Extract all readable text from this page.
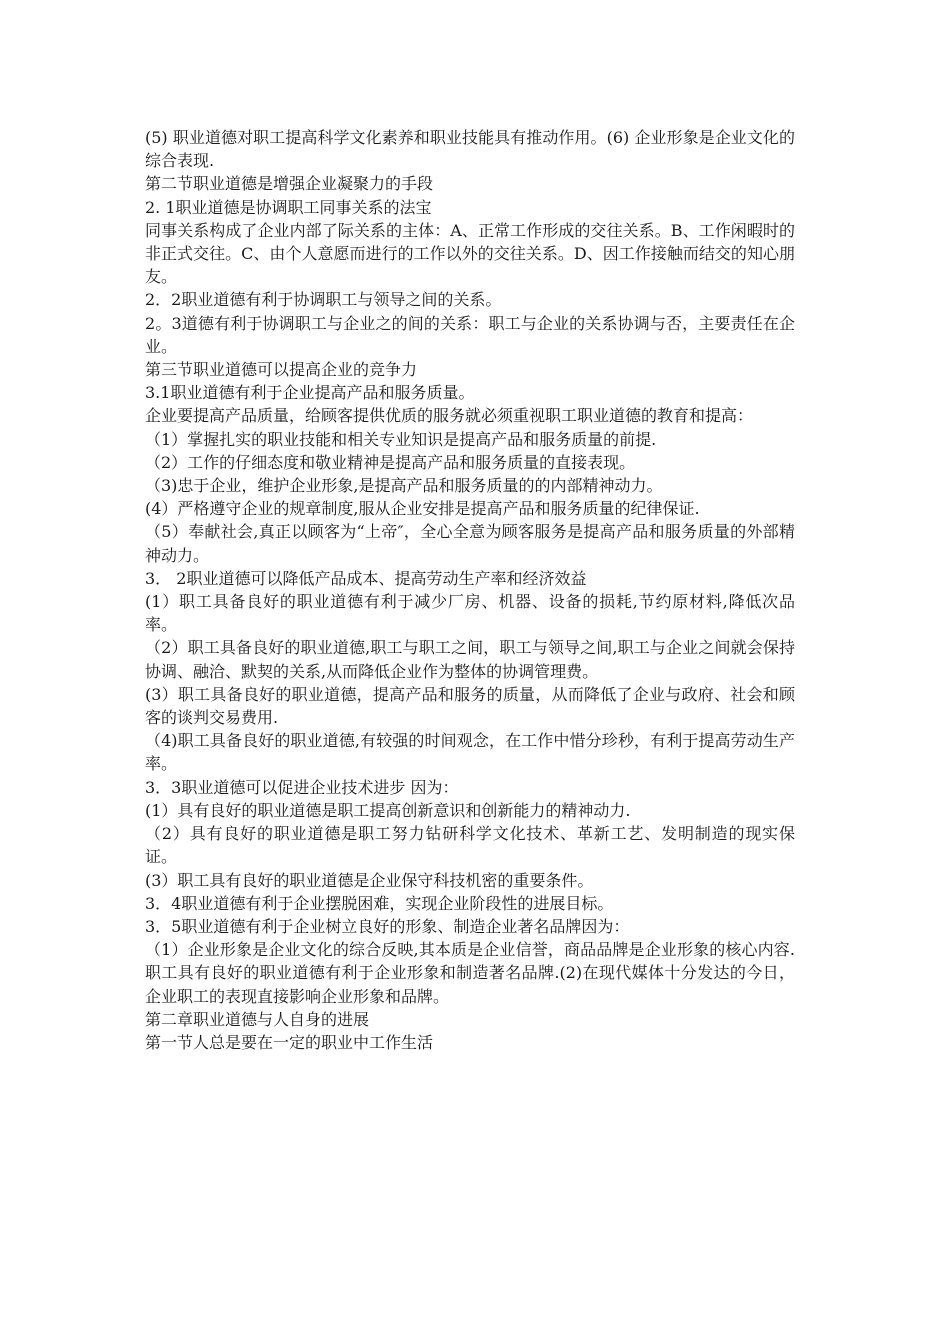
(5) 职业道德对职工提高科学文化素养和职业技能具有推动作用。(6) 企业形象是企业文化的综合表现.

第二节职业道德是增强企业凝聚力的手段

2. 1职业道德是协调职工同事关系的法宝

同事关系构成了企业内部了际关系的主体：A、正常工作形成的交往关系。B、工作闲暇时的非正式交往。C、由个人意愿而进行的工作以外的交往关系。D、因工作接触而结交的知心朋友。

2．2职业道德有利于协调职工与领导之间的关系。

2。3道德有利于协调职工与企业之的间的关系：职工与企业的关系协调与否，主要责任在企业。

第三节职业道德可以提高企业的竞争力

3.1职业道德有利于企业提高产品和服务质量。

企业要提高产品质量，给顾客提供优质的服务就必须重视职工职业道德的教育和提高：

（1）掌握扎实的职业技能和相关专业知识是提高产品和服务质量的前提.

（2）工作的仔细态度和敬业精神是提高产品和服务质量的直接表现。

（3)忠于企业，维护企业形象,是提高产品和服务质量的的内部精神动力。

(4）严格遵守企业的规章制度,服从企业安排是提高产品和服务质量的纪律保证.

（5）奉献社会,真正以顾客为“上帝″，全心全意为顾客服务是提高产品和服务质量的外部精神动力。

3． 2职业道德可以降低产品成本、提高劳动生产率和经济效益

(1）职工具备良好的职业道德有利于减少厂房、机器、设备的损耗,节约原材料,降低次品率。

（2）职工具备良好的职业道德,职工与职工之间，职工与领导之间,职工与企业之间就会保持协调、融洽、默契的关系,从而降低企业作为整体的协调管理费。

(3）职工具备良好的职业道德，提高产品和服务的质量，从而降低了企业与政府、社会和顾客的谈判交易费用.

（4)职工具备良好的职业道德,有较强的时间观念，在工作中惜分珍秒，有利于提高劳动生产率。

3．3职业道德可以促进企业技术进步 因为：

(1）具有良好的职业道德是职工提高创新意识和创新能力的精神动力.

（2）具有良好的职业道德是职工努力钻研科学文化技术、革新工艺、发明制造的现实保证。

(3）职工具有良好的职业道德是企业保守科技机密的重要条件。

3．4职业道德有利于企业摆脱困难，实现企业阶段性的进展目标。

3．5职业道德有利于企业树立良好的形象、制造企业著名品牌因为：

（1）企业形象是企业文化的综合反映,其本质是企业信誉，商品品牌是企业形象的核心内容.职工具有良好的职业道德有利于企业形象和制造著名品牌.(2)在现代媒体十分发达的今日，企业职工的表现直接影响企业形象和品牌。

第二章职业道德与人自身的进展

第一节人总是要在一定的职业中工作生活
